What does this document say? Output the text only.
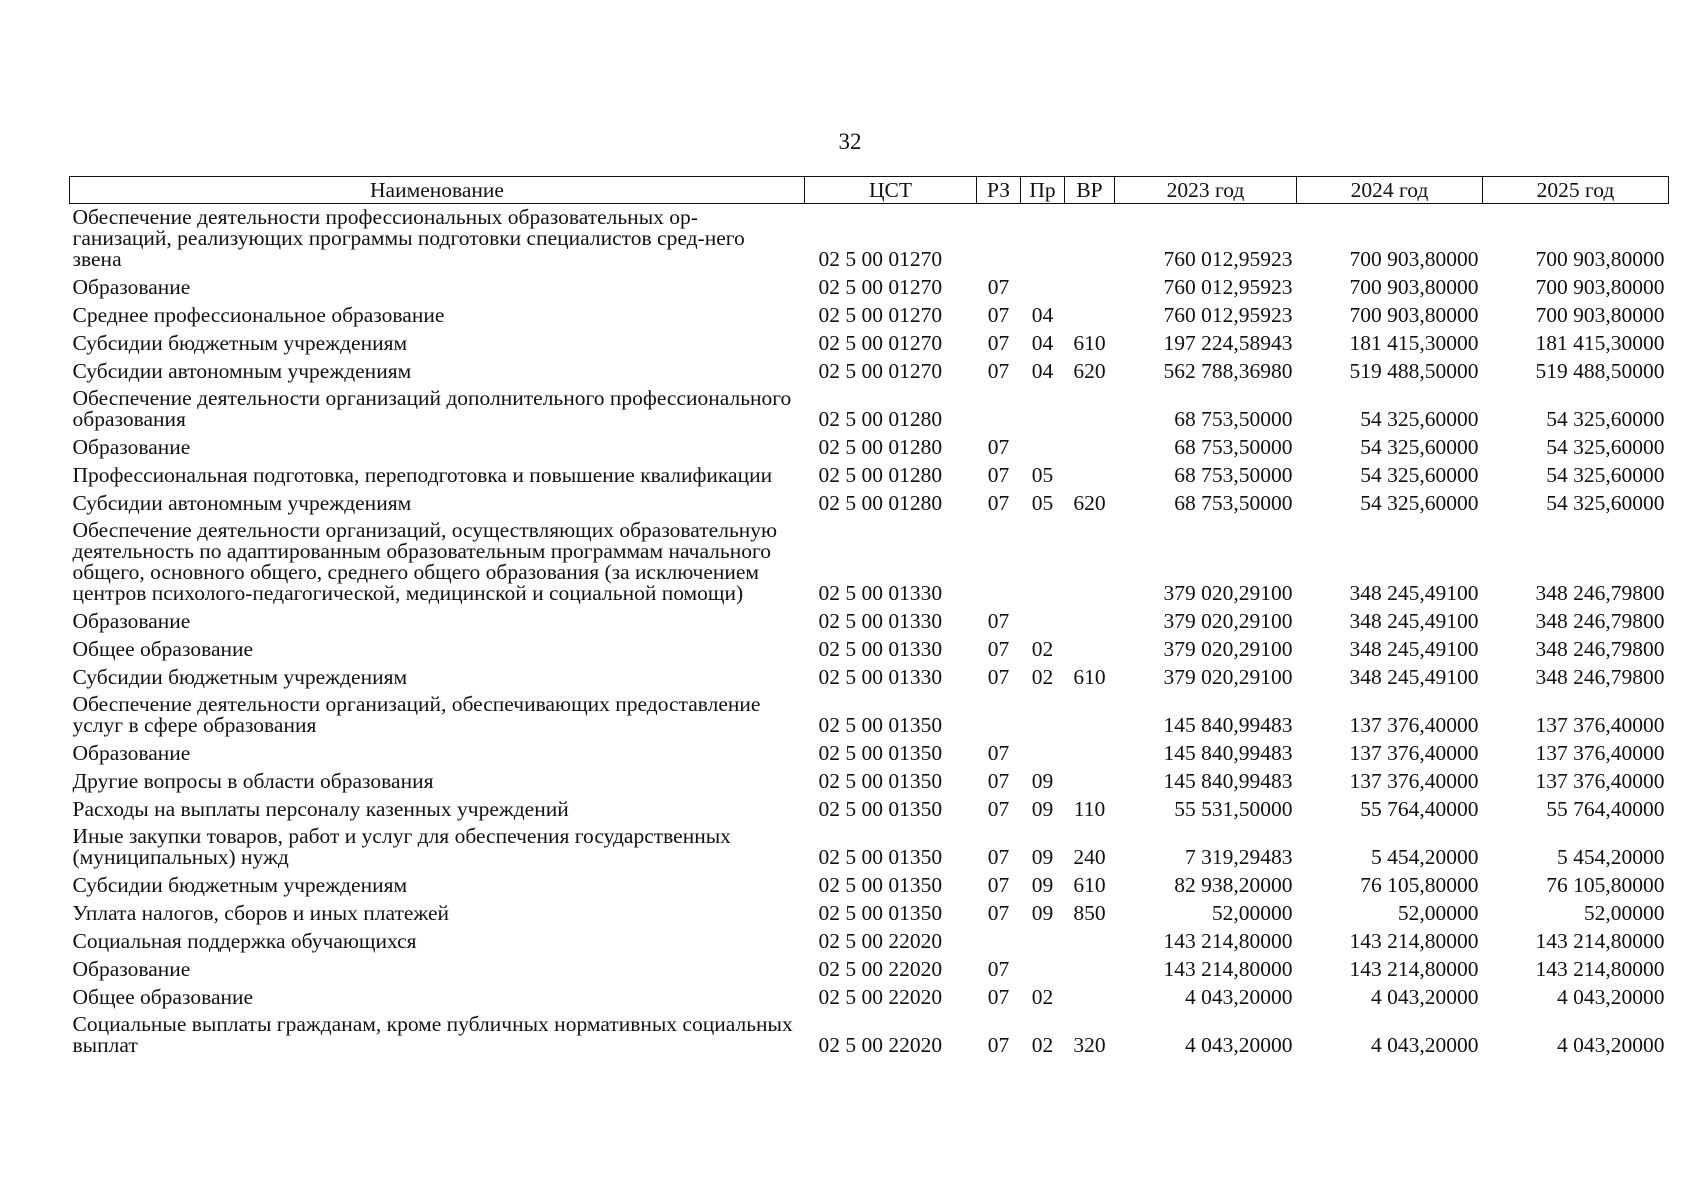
32
Наименование	ЦСТ	РЗ	Пр	ВР	2023 год	2024 год	2025 год
Обеспечение деятельности профессиональных образовательных ор-ганизаций, реализующих программы подготовки специалистов сред-него звена	02 5 00 01270				760 012,95923	700 903,80000	700 903,80000
Образование	02 5 00 01270	07			760 012,95923	700 903,80000	700 903,80000
Среднее профессиональное образование	02 5 00 01270	07	04		760 012,95923	700 903,80000	700 903,80000
Субсидии бюджетным учреждениям	02 5 00 01270	07	04	610	197 224,58943	181 415,30000	181 415,30000
Субсидии автономным учреждениям	02 5 00 01270	07	04	620	562 788,36980	519 488,50000	519 488,50000
Обеспечение деятельности организаций дополнительного профессионального образования	02 5 00 01280				68 753,50000	54 325,60000	54 325,60000
Образование	02 5 00 01280	07			68 753,50000	54 325,60000	54 325,60000
Профессиональная подготовка, переподготовка и повышение квалификации	02 5 00 01280	07	05		68 753,50000	54 325,60000	54 325,60000
Субсидии автономным учреждениям	02 5 00 01280	07	05	620	68 753,50000	54 325,60000	54 325,60000
Обеспечение деятельности организаций, осуществляющих образовательную деятельность по адаптированным образовательным программам начального общего, основного общего, среднего общего образования (за исключением центров психолого-педагогической, медицинской и социальной помощи)	02 5 00 01330				379 020,29100	348 245,49100	348 246,79800
Образование	02 5 00 01330	07			379 020,29100	348 245,49100	348 246,79800
Общее образование	02 5 00 01330	07	02		379 020,29100	348 245,49100	348 246,79800
Субсидии бюджетным учреждениям	02 5 00 01330	07	02	610	379 020,29100	348 245,49100	348 246,79800
Обеспечение деятельности организаций, обеспечивающих предоставление услуг в сфере образования	02 5 00 01350				145 840,99483	137 376,40000	137 376,40000
Образование	02 5 00 01350	07			145 840,99483	137 376,40000	137 376,40000
Другие вопросы в области образования	02 5 00 01350	07	09		145 840,99483	137 376,40000	137 376,40000
Расходы на выплаты персоналу казенных учреждений	02 5 00 01350	07	09	110	55 531,50000	55 764,40000	55 764,40000
Иные закупки товаров, работ и услуг для обеспечения государственных (муниципальных) нужд	02 5 00 01350	07	09	240	7 319,29483	5 454,20000	5 454,20000
Субсидии бюджетным учреждениям	02 5 00 01350	07	09	610	82 938,20000	76 105,80000	76 105,80000
Уплата налогов, сборов и иных платежей	02 5 00 01350	07	09	850	52,00000	52,00000	52,00000
Социальная поддержка обучающихся	02 5 00 22020				143 214,80000	143 214,80000	143 214,80000
Образование	02 5 00 22020	07			143 214,80000	143 214,80000	143 214,80000
Общее образование	02 5 00 22020	07	02		4 043,20000	4 043,20000	4 043,20000
Социальные выплаты гражданам, кроме публичных нормативных социальных выплат	02 5 00 22020	07	02	320	4 043,20000	4 043,20000	4 043,20000
